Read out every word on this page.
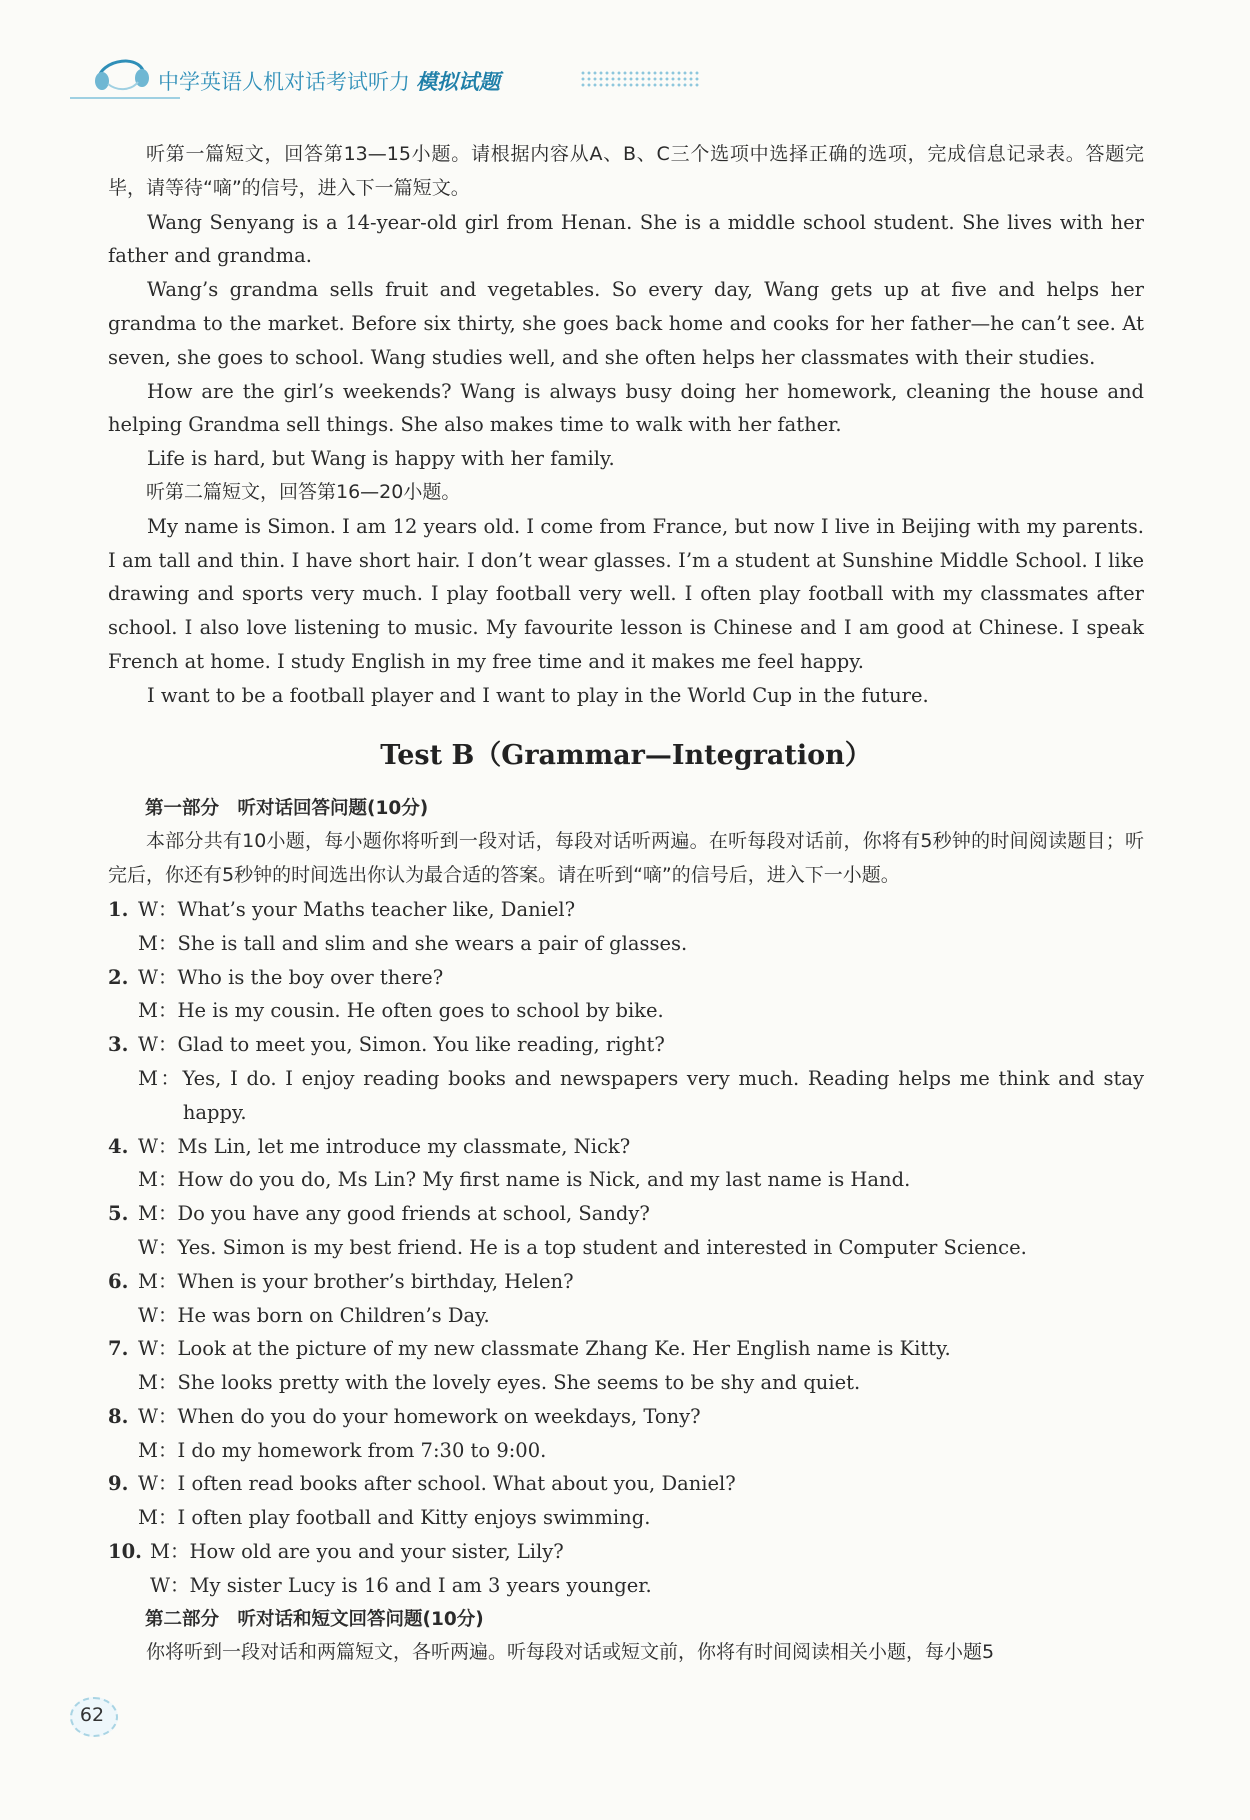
中学英语人机对话考试听力 模拟试题

听第一篇短文，回答第13—15小题。请根据内容从A、B、C三个选项中选择正确的选项，完成信息记录表。答题完毕，请等待“嘀”的信号，进入下一篇短文。

Wang Senyang is a 14-year-old girl from Henan. She is a middle school student. She lives with her father and grandma.

Wang’s grandma sells fruit and vegetables. So every day, Wang gets up at five and helps her grandma to the market. Before six thirty, she goes back home and cooks for her father—he can’t see. At seven, she goes to school. Wang studies well, and she often helps her classmates with their studies.

How are the girl’s weekends? Wang is always busy doing her homework, cleaning the house and helping Grandma sell things. She also makes time to walk with her father.

Life is hard, but Wang is happy with her family.

听第二篇短文，回答第16—20小题。

My name is Simon. I am 12 years old. I come from France, but now I live in Beijing with my parents. I am tall and thin. I have short hair. I don’t wear glasses. I’m a student at Sunshine Middle School. I like drawing and sports very much. I play football very well. I often play football with my classmates after school. I also love listening to music. My favourite lesson is Chinese and I am good at Chinese. I speak French at home. I study English in my free time and it makes me feel happy.

I want to be a football player and I want to play in the World Cup in the future.

Test B（Grammar—Integration）
第一部分　听对话回答问题(10分)

本部分共有10小题，每小题你将听到一段对话，每段对话听两遍。在听每段对话前，你将有5秒钟的时间阅读题目；听完后，你还有5秒钟的时间选出你认为最合适的答案。请在听到“嘀”的信号后，进入下一小题。

1. W：What’s your Maths teacher like, Daniel?
M：She is tall and slim and she wears a pair of glasses.
2. W：Who is the boy over there?
M：He is my cousin. He often goes to school by bike.
3. W：Glad to meet you, Simon. You like reading, right?
M：Yes, I do. I enjoy reading books and newspapers very much. Reading helps me think and stay happy.
4. W：Ms Lin, let me introduce my classmate, Nick?
M：How do you do, Ms Lin? My first name is Nick, and my last name is Hand.
5. M：Do you have any good friends at school, Sandy?
W：Yes. Simon is my best friend. He is a top student and interested in Computer Science.
6. M：When is your brother’s birthday, Helen?
W：He was born on Children’s Day.
7. W：Look at the picture of my new classmate Zhang Ke. Her English name is Kitty.
M：She looks pretty with the lovely eyes. She seems to be shy and quiet.
8. W：When do you do your homework on weekdays, Tony?
M：I do my homework from 7:30 to 9:00.
9. W：I often read books after school. What about you, Daniel?
M：I often play football and Kitty enjoys swimming.
10. M：How old are you and your sister, Lily?
W：My sister Lucy is 16 and I am 3 years younger.
第二部分　听对话和短文回答问题(10分)

你将听到一段对话和两篇短文，各听两遍。听每段对话或短文前，你将有时间阅读相关小题，每小题5

62
